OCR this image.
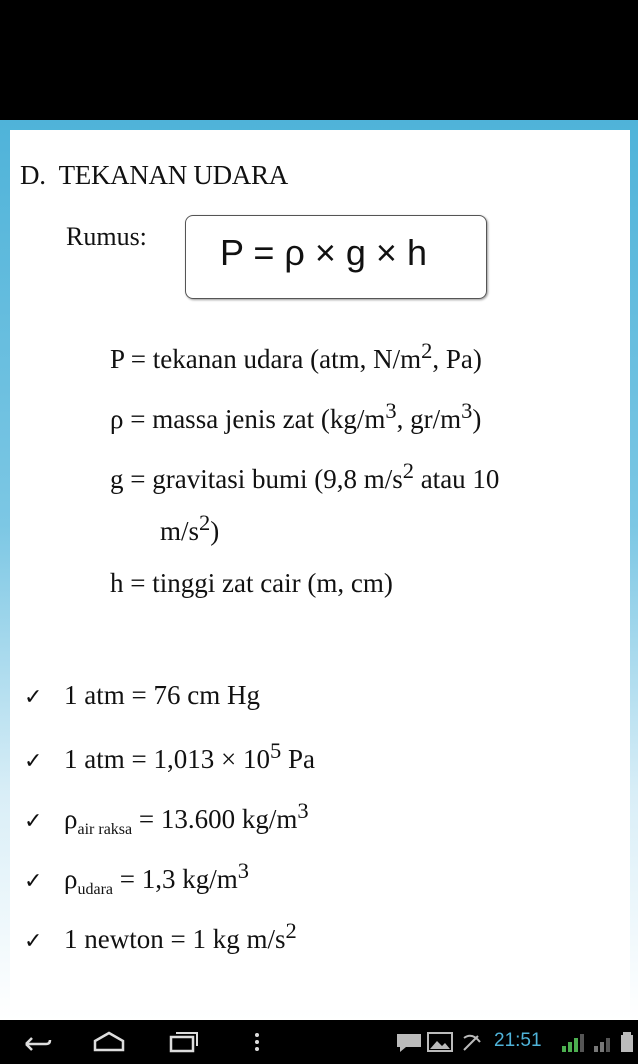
D. TEKANAN UDARA
Rumus: P = ρ × g × h
P = tekanan udara (atm, $N/m^2$, Pa)
ρ = massa jenis zat ($kg/m^3$, $gr/m^3$)
g = gravitasi bumi (9,8 $m/s^2$ atau 10
$m/s^2$)
h = tinggi zat cair (m, cm)
✓ 1 atm = 76 cm Hg
✓ 1 atm = $1,013 \times 10^5$ Pa
✓ $\rho_{air raksa} = 13.600$ $kg/m^3$
✓ $\rho_{udara} = 1,3$ $kg/m^3$
✓ 1 newton = 1 kg $m/s^2$
21:51
